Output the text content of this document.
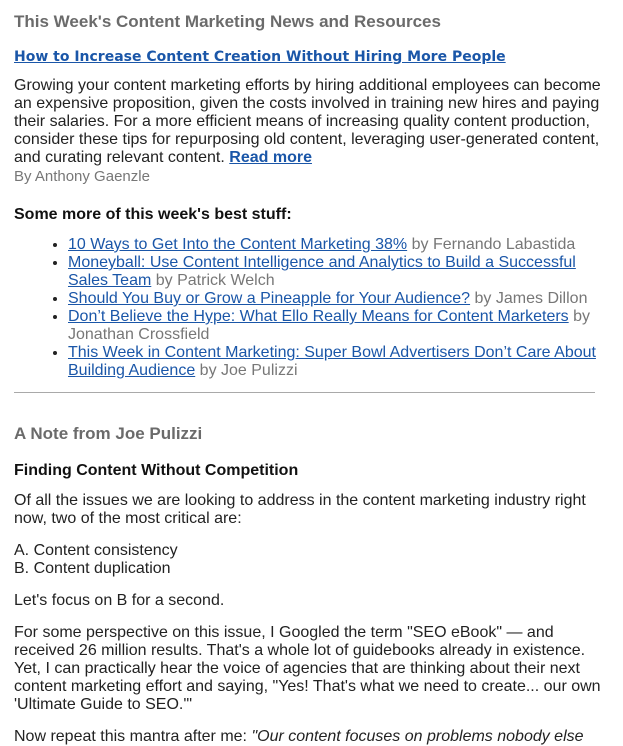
This Week's Content Marketing News and Resources
How to Increase Content Creation Without Hiring More People

Growing your content marketing efforts by hiring additional employees can become an expensive proposition, given the costs involved in training new hires and paying their salaries. For a more efficient means of increasing quality content production, consider these tips for repurposing old content, leveraging user-generated content, and curating relevant content. Read more

By Anthony Gaenzle
Some more of this week's best stuff:
• 10 Ways to Get Into the Content Marketing 38% by Fernando Labastida
• Moneyball: Use Content Intelligence and Analytics to Build a Successful Sales Team by Patrick Welch
• Should You Buy or Grow a Pineapple for Your Audience? by James Dillon
• Don’t Believe the Hype: What Ello Really Means for Content Marketers by Jonathan Crossfield
• This Week in Content Marketing: Super Bowl Advertisers Don’t Care About Building Audience by Joe Pulizzi
A Note from Joe Pulizzi
Finding Content Without Competition

Of all the issues we are looking to address in the content marketing industry right now, two of the most critical are:

A. Content consistency
B. Content duplication

Let's focus on B for a second.

For some perspective on this issue, I Googled the term "SEO eBook" — and received 26 million results. That's a whole lot of guidebooks already in existence. Yet, I can practically hear the voice of agencies that are thinking about their next content marketing effort and saying, "Yes! That's what we need to create... our own 'Ultimate Guide to SEO.'"

Now repeat this mantra after me: "Our content focuses on problems nobody else
